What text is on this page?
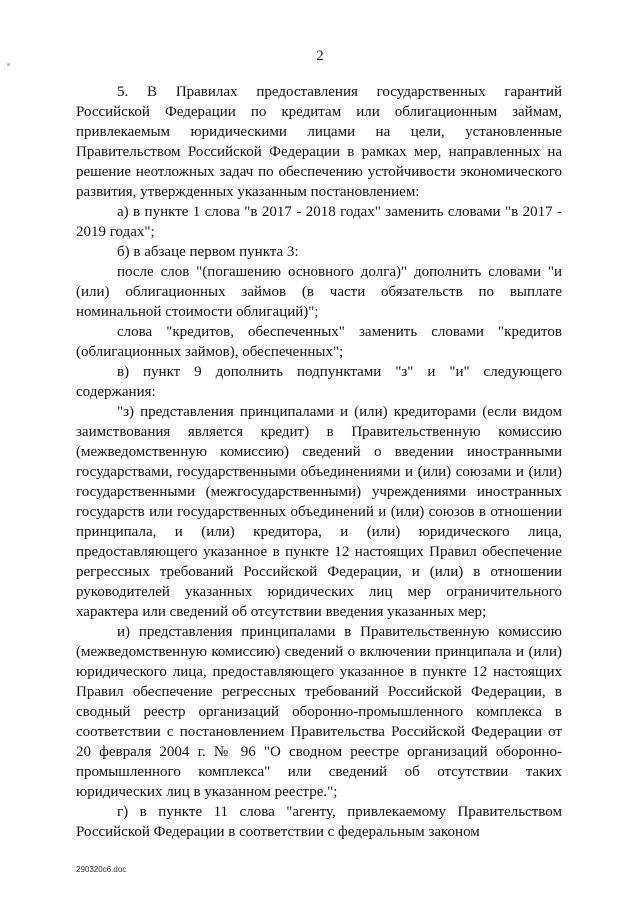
2

5. В Правилах предоставления государственных гарантий Российской Федерации по кредитам или облигационным займам, привлекаемым юридическими лицами на цели, установленные Правительством Российской Федерации в рамках мер, направленных на решение неотложных задач по обеспечению устойчивости экономического развития, утвержденных указанным постановлением:

а) в пункте 1 слова "в 2017 - 2018 годах" заменить словами "в 2017 - 2019 годах";

б) в абзаце первом пункта 3:

после слов "(погашению основного долга)" дополнить словами "и (или) облигационных займов (в части обязательств по выплате номинальной стоимости облигаций)";

слова "кредитов, обеспеченных" заменить словами "кредитов (облигационных займов), обеспеченных";

в) пункт 9 дополнить подпунктами "з" и "и" следующего содержания:

"з) представления принципалами и (или) кредиторами (если видом заимствования является кредит) в Правительственную комиссию (межведомственную комиссию) сведений о введении иностранными государствами, государственными объединениями и (или) союзами и (или) государственными (межгосударственными) учреждениями иностранных государств или государственных объединений и (или) союзов в отношении принципала, и (или) кредитора, и (или) юридического лица, предоставляющего указанное в пункте 12 настоящих Правил обеспечение регрессных требований Российской Федерации, и (или) в отношении руководителей указанных юридических лиц мер ограничительного характера или сведений об отсутствии введения указанных мер;

и) представления принципалами в Правительственную комиссию (межведомственную комиссию) сведений о включении принципала и (или) юридического лица, предоставляющего указанное в пункте 12 настоящих Правил обеспечение регрессных требований Российской Федерации, в сводный реестр организаций оборонно-промышленного комплекса в соответствии с постановлением Правительства Российской Федерации от 20 февраля 2004 г. № 96 "О сводном реестре организаций оборонно-промышленного комплекса" или сведений об отсутствии таких юридических лиц в указанном реестре.";

г) в пункте 11 слова "агенту, привлекаемому Правительством Российской Федерации в соответствии с федеральным законом

290320c6.doc
